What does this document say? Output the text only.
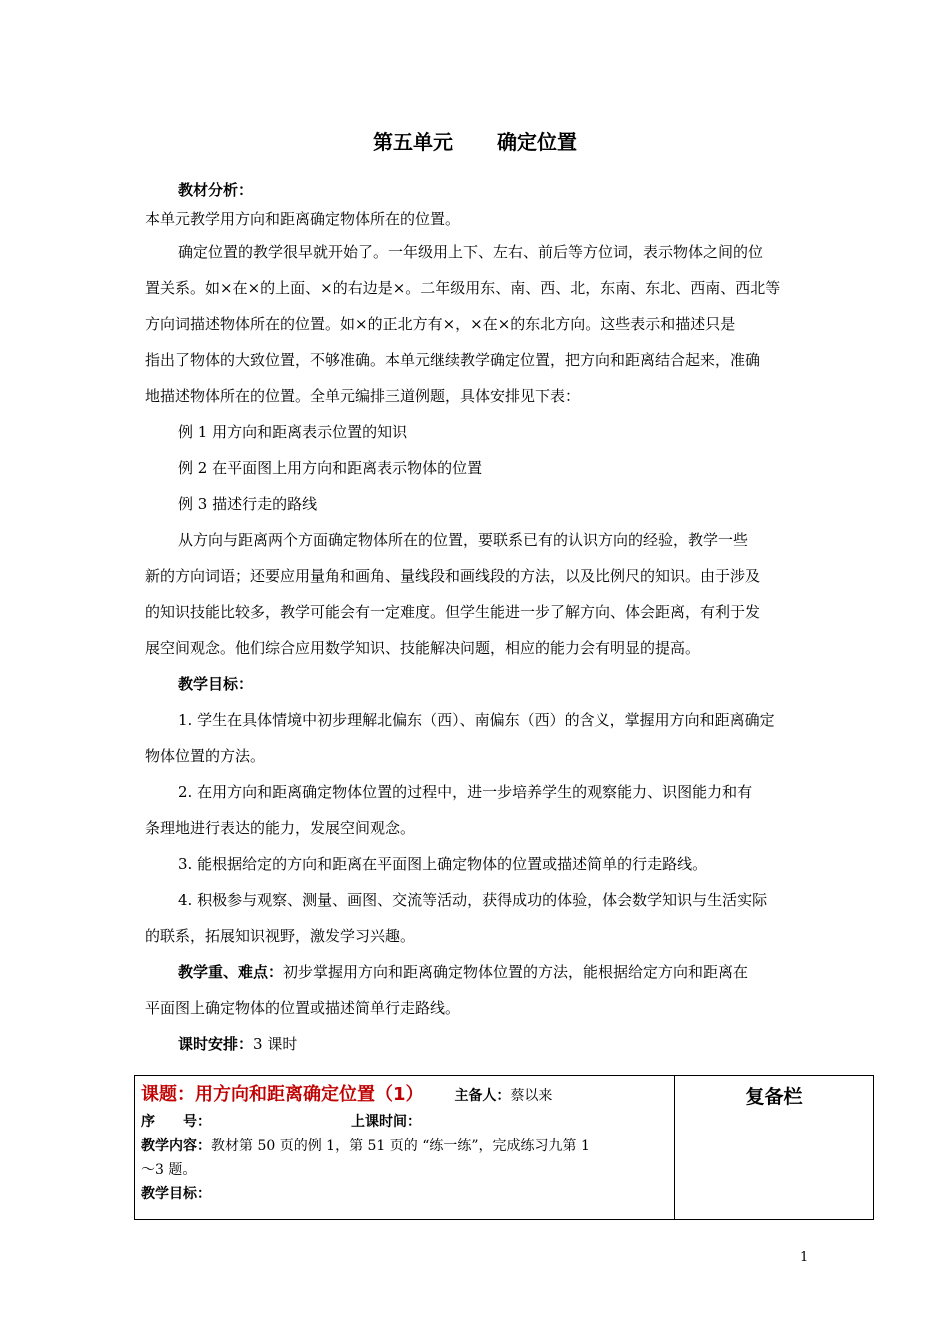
第五单元 确定位置
教材分析：
本单元教学用方向和距离确定物体所在的位置。
确定位置的教学很早就开始了。一年级用上下、左右、前后等方位词，表示物体之间的位
置关系。如×在×的上面、×的右边是×。二年级用东、南、西、北，东南、东北、西南、西北等
方向词描述物体所在的位置。如×的正北方有×，×在×的东北方向。这些表示和描述只是
指出了物体的大致位置，不够准确。本单元继续教学确定位置，把方向和距离结合起来，准确
地描述物体所在的位置。全单元编排三道例题，具体安排见下表：
例 1 用方向和距离表示位置的知识
例 2 在平面图上用方向和距离表示物体的位置
例 3 描述行走的路线
从方向与距离两个方面确定物体所在的位置，要联系已有的认识方向的经验，教学一些
新的方向词语；还要应用量角和画角、量线段和画线段的方法，以及比例尺的知识。由于涉及
的知识技能比较多，教学可能会有一定难度。但学生能进一步了解方向、体会距离，有利于发
展空间观念。他们综合应用数学知识、技能解决问题，相应的能力会有明显的提高。
教学目标：
1. 学生在具体情境中初步理解北偏东（西）、南偏东（西）的含义，掌握用方向和距离确定
物体位置的方法。
2. 在用方向和距离确定物体位置的过程中，进一步培养学生的观察能力、识图能力和有
条理地进行表达的能力，发展空间观念。
3. 能根据给定的方向和距离在平面图上确定物体的位置或描述简单的行走路线。
4. 积极参与观察、测量、画图、交流等活动，获得成功的体验，体会数学知识与生活实际
的联系，拓展知识视野，激发学习兴趣。
教学重、难点：初步掌握用方向和距离确定物体位置的方法，能根据给定方向和距离在
平面图上确定物体的位置或描述简单行走路线。
课时安排：3 课时
课题：用方向和距离确定位置（1） 主备人：蔡以来
序　　号：	上课时间：
教学内容：教材第 50 页的例 1，第 51 页的 “练一练”，完成练习九第 1
～3 题。
教学目标：
复备栏
1
